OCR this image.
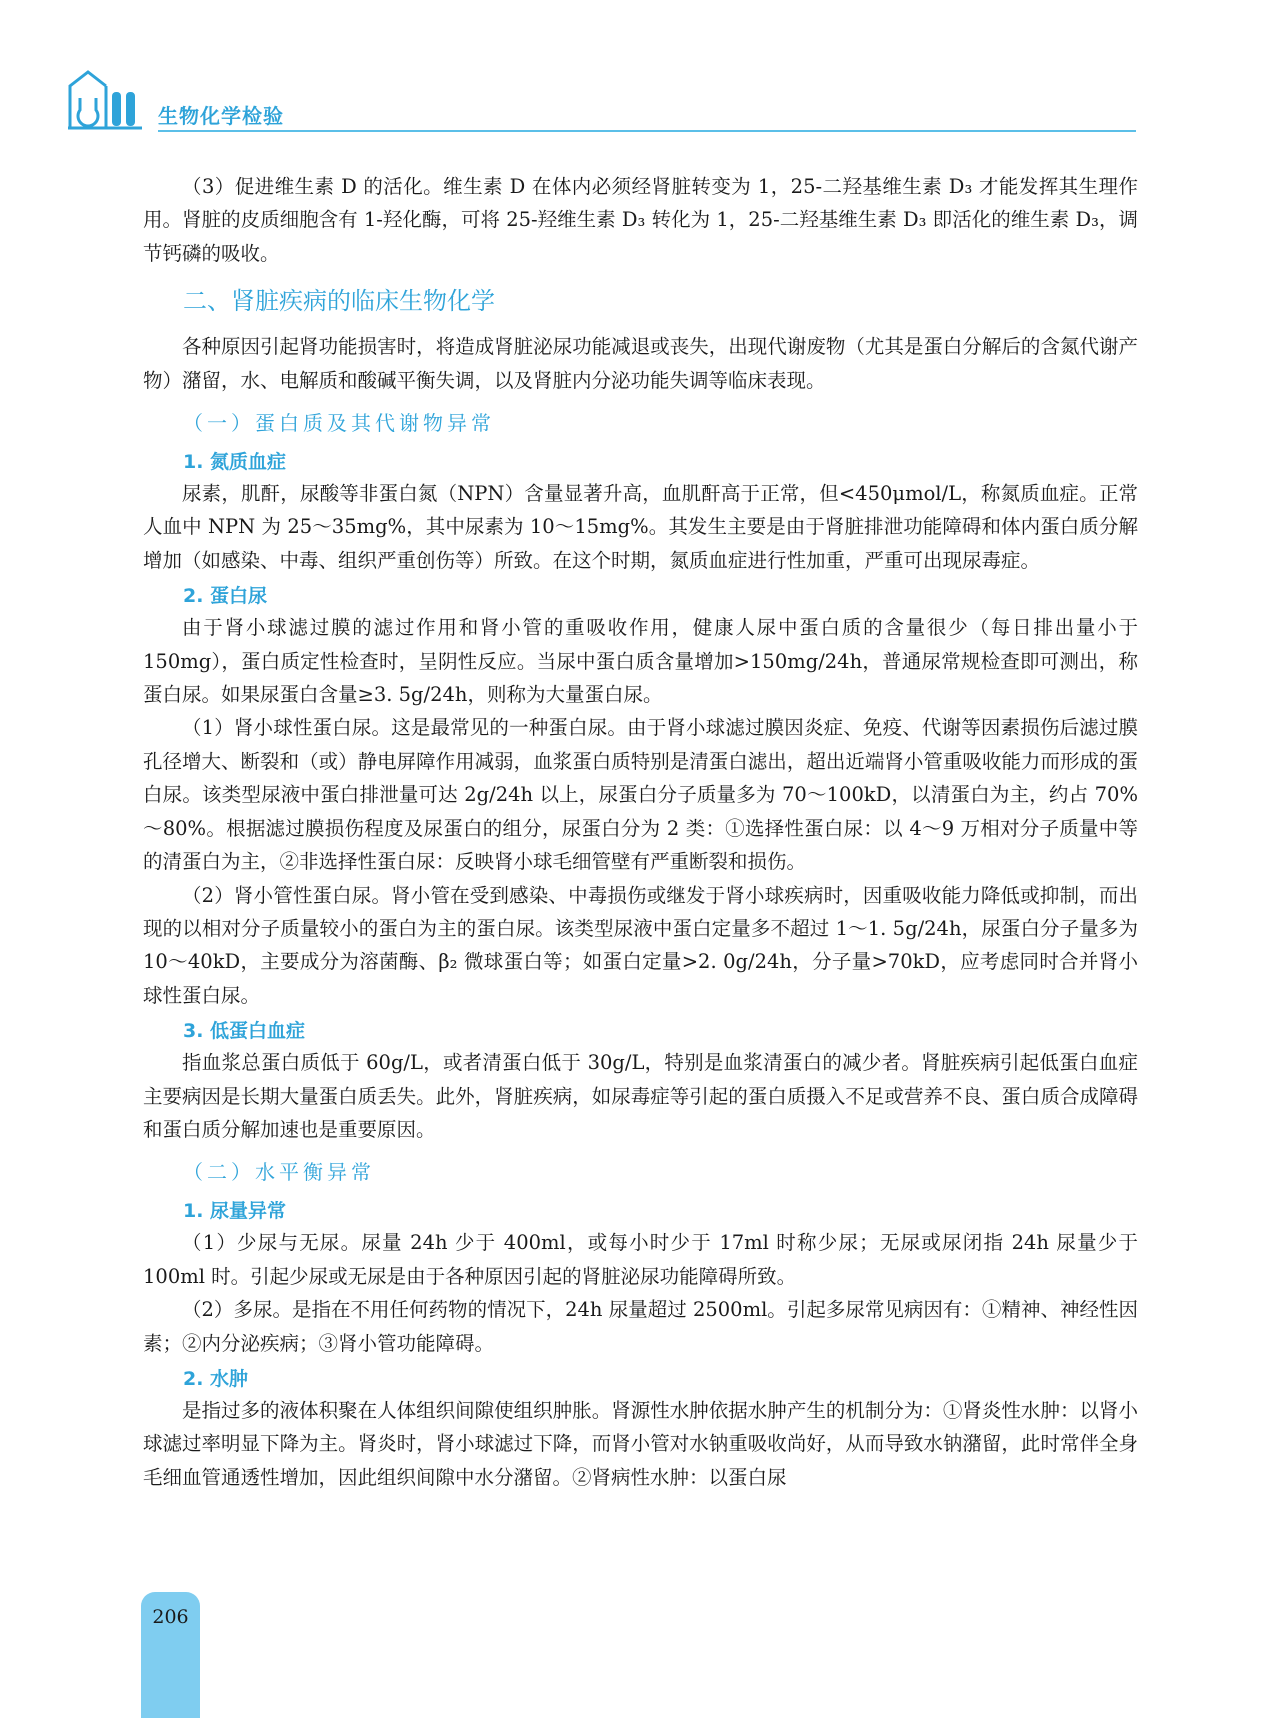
生物化学检验

（3）促进维生素 D 的活化。维生素 D 在体内必须经肾脏转变为 1，25-二羟基维生素 D₃ 才能发挥其生理作用。肾脏的皮质细胞含有 1-羟化酶，可将 25-羟维生素 D₃ 转化为 1，25-二羟基维生素 D₃ 即活化的维生素 D₃，调节钙磷的吸收。

二、肾脏疾病的临床生物化学

各种原因引起肾功能损害时，将造成肾脏泌尿功能减退或丧失，出现代谢废物（尤其是蛋白分解后的含氮代谢产物）潴留，水、电解质和酸碱平衡失调，以及肾脏内分泌功能失调等临床表现。

（一）蛋白质及其代谢物异常
1. 氮质血症

尿素，肌酐，尿酸等非蛋白氮（NPN）含量显著升高，血肌酐高于正常，但<450μmol/L，称氮质血症。正常人血中 NPN 为 25～35mg%，其中尿素为 10～15mg%。其发生主要是由于肾脏排泄功能障碍和体内蛋白质分解增加（如感染、中毒、组织严重创伤等）所致。在这个时期，氮质血症进行性加重，严重可出现尿毒症。

2. 蛋白尿

由于肾小球滤过膜的滤过作用和肾小管的重吸收作用，健康人尿中蛋白质的含量很少（每日排出量小于 150mg），蛋白质定性检查时，呈阴性反应。当尿中蛋白质含量增加>150mg/24h，普通尿常规检查即可测出，称蛋白尿。如果尿蛋白含量≥3. 5g/24h，则称为大量蛋白尿。

（1）肾小球性蛋白尿。这是最常见的一种蛋白尿。由于肾小球滤过膜因炎症、免疫、代谢等因素损伤后滤过膜孔径增大、断裂和（或）静电屏障作用减弱，血浆蛋白质特别是清蛋白滤出，超出近端肾小管重吸收能力而形成的蛋白尿。该类型尿液中蛋白排泄量可达 2g/24h 以上，尿蛋白分子质量多为 70～100kD，以清蛋白为主，约占 70%～80%。根据滤过膜损伤程度及尿蛋白的组分，尿蛋白分为 2 类：①选择性蛋白尿：以 4～9 万相对分子质量中等的清蛋白为主，②非选择性蛋白尿：反映肾小球毛细管壁有严重断裂和损伤。

（2）肾小管性蛋白尿。肾小管在受到感染、中毒损伤或继发于肾小球疾病时，因重吸收能力降低或抑制，而出现的以相对分子质量较小的蛋白为主的蛋白尿。该类型尿液中蛋白定量多不超过 1～1. 5g/24h，尿蛋白分子量多为 10～40kD，主要成分为溶菌酶、β₂ 微球蛋白等；如蛋白定量>2. 0g/24h，分子量>70kD，应考虑同时合并肾小球性蛋白尿。

3. 低蛋白血症

指血浆总蛋白质低于 60g/L，或者清蛋白低于 30g/L，特别是血浆清蛋白的减少者。肾脏疾病引起低蛋白血症主要病因是长期大量蛋白质丢失。此外，肾脏疾病，如尿毒症等引起的蛋白质摄入不足或营养不良、蛋白质合成障碍和蛋白质分解加速也是重要原因。

（二）水平衡异常
1. 尿量异常

（1）少尿与无尿。尿量 24h 少于 400ml，或每小时少于 17ml 时称少尿；无尿或尿闭指 24h 尿量少于 100ml 时。引起少尿或无尿是由于各种原因引起的肾脏泌尿功能障碍所致。

（2）多尿。是指在不用任何药物的情况下，24h 尿量超过 2500ml。引起多尿常见病因有：①精神、神经性因素；②内分泌疾病；③肾小管功能障碍。

2. 水肿

是指过多的液体积聚在人体组织间隙使组织肿胀。肾源性水肿依据水肿产生的机制分为：①肾炎性水肿：以肾小球滤过率明显下降为主。肾炎时，肾小球滤过下降，而肾小管对水钠重吸收尚好，从而导致水钠潴留，此时常伴全身毛细血管通透性增加，因此组织间隙中水分潴留。②肾病性水肿：以蛋白尿

206
